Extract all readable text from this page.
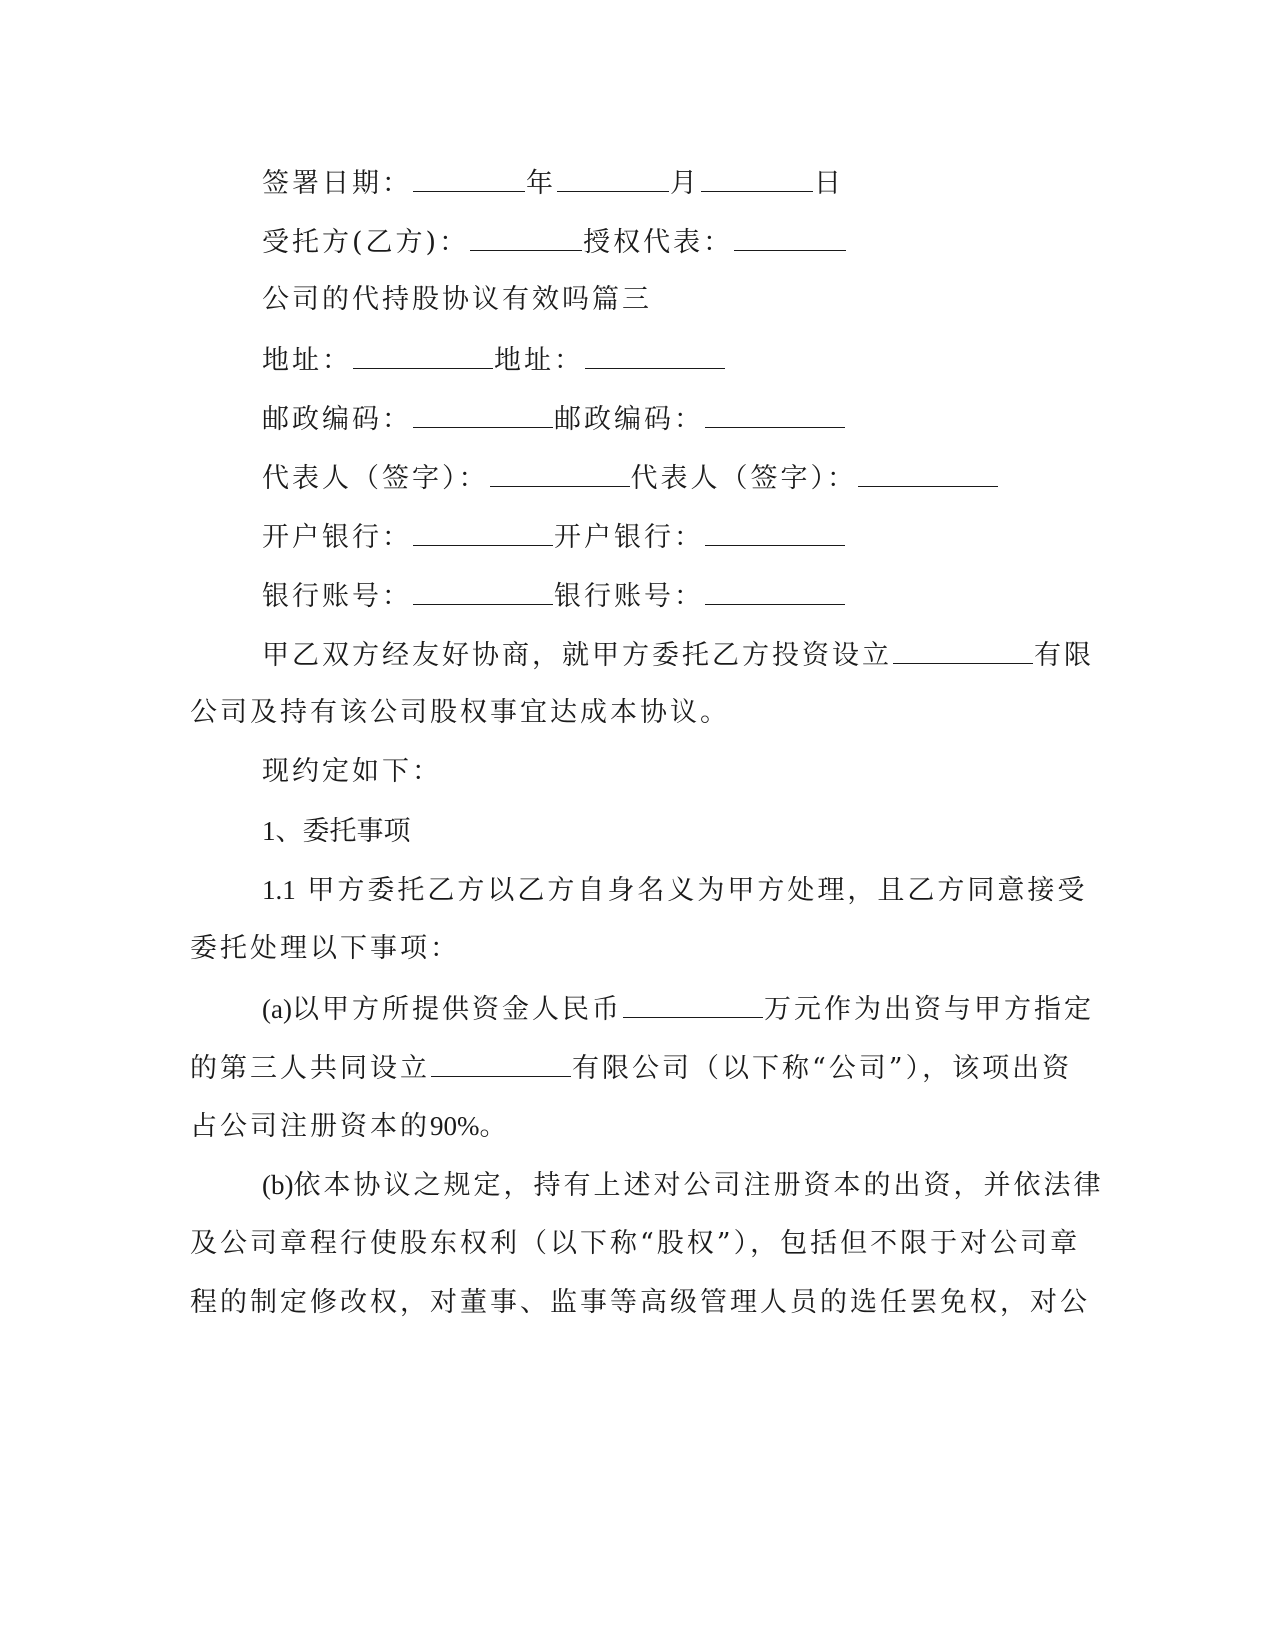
签署日期：	年	月	日
受托方(乙方)：	授权代表：
公司的代持股协议有效吗篇三
地址：	地址：
邮政编码：	邮政编码：
代表人（签字）：	代表人（签字）：
开户银行：	开户银行：
银行账号：	银行账号：
甲乙双方经友好协商，就甲方委托乙方投资设立	有限
公司及持有该公司股权事宜达成本协议。
现约定如下：
1、委托事项
1.1 甲方委托乙方以乙方自身名义为甲方处理，且乙方同意接受
委托处理以下事项：
(a)以甲方所提供资金人民币	万元作为出资与甲方指定
的第三人共同设立	有限公司（以下称“公司”），该项出资
占公司注册资本的90%。
(b)依本协议之规定，持有上述对公司注册资本的出资，并依法律
及公司章程行使股东权利（以下称“股权”），包括但不限于对公司章
程的制定修改权，对董事、监事等高级管理人员的选任罢免权，对公
